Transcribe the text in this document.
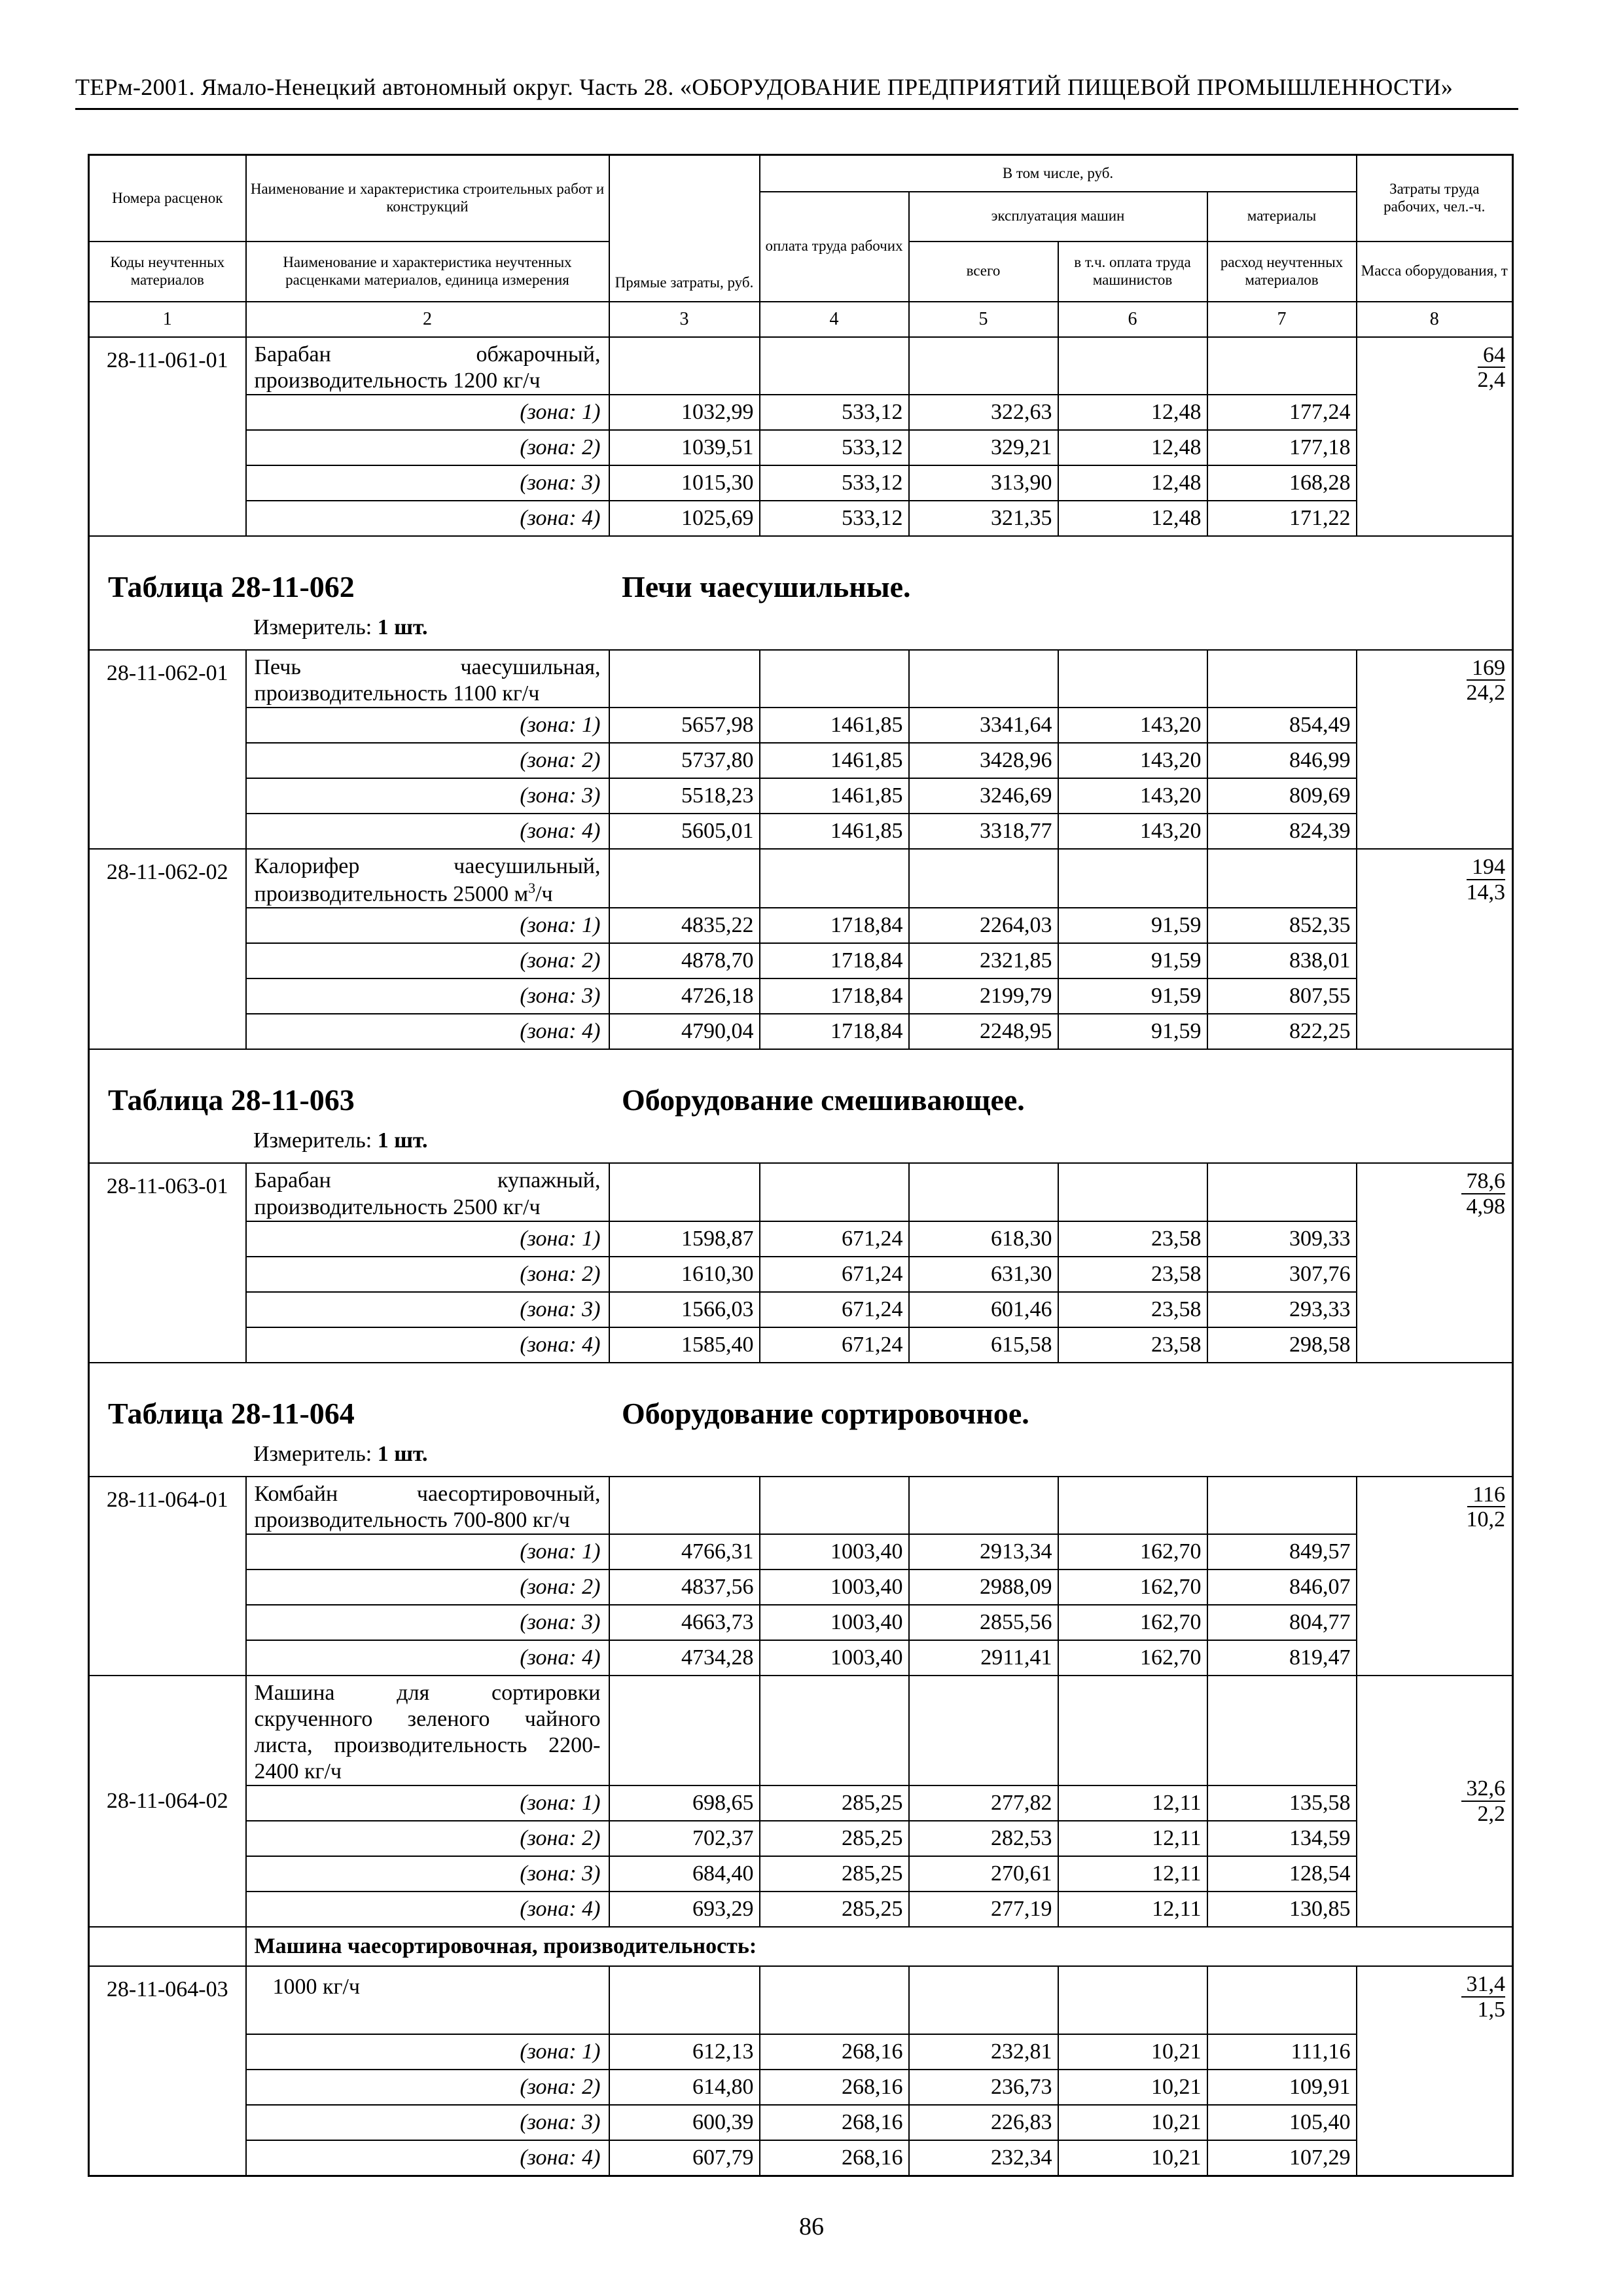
ТЕРм-2001. Ямало-Ненецкий автономный округ. Часть 28. «ОБОРУДОВАНИЕ ПРЕДПРИЯТИЙ ПИЩЕВОЙ ПРОМЫШЛЕННОСТИ»
Номера расценок	Наименование и характеристика строительных работ и конструкций	Прямые затраты, руб.	В том числе, руб.				Затраты труда рабочих, чел.-ч.
			оплата труда рабочих	эксплуатация машин		материалы	
Коды неучтенных материалов	Наименование и характеристика неучтенных расценками материалов, единица измерения			всего	в т.ч. оплата труда машинистов	расход неучтенных материалов	Масса оборудования, т
1	2	3	4	5	6	7	8
28-11-061-01	Барабан обжарочный, производительность 1200 кг/ч						64
2,4

	(зона: 1)	1032,99	533,12	322,63	12,48	177,24	
	(зона: 2)	1039,51	533,12	329,21	12,48	177,18	
	(зона: 3)	1015,30	533,12	313,90	12,48	168,28	
	(зона: 4)	1025,69	533,12	321,35	12,48	171,22	

Таблица 28-11-062 Печи чаесушильные.
Измеритель: 1 шт.							

28-11-062-01	Печь чаесушильная, производительность 1100 кг/ч						169
24,2

	(зона: 1)	5657,98	1461,85	3341,64	143,20	854,49	
	(зона: 2)	5737,80	1461,85	3428,96	143,20	846,99	
	(зона: 3)	5518,23	1461,85	3246,69	143,20	809,69	
	(зона: 4)	5605,01	1461,85	3318,77	143,20	824,39	
28-11-062-02	Калорифер чаесушильный, производительность 25000 $м^3/ч$						194
14,3

	(зона: 1)	4835,22	1718,84	2264,03	91,59	852,35	
	(зона: 2)	4878,70	1718,84	2321,85	91,59	838,01	
	(зона: 3)	4726,18	1718,84	2199,79	91,59	807,55	
	(зона: 4)	4790,04	1718,84	2248,95	91,59	822,25	

Таблица 28-11-063 Оборудование смешивающее.
Измеритель: 1 шт.							

28-11-063-01	Барабан купажный, производительность 2500 кг/ч						78,6
4,98

	(зона: 1)	1598,87	671,24	618,30	23,58	309,33	
	(зона: 2)	1610,30	671,24	631,30	23,58	307,76	
	(зона: 3)	1566,03	671,24	601,46	23,58	293,33	
	(зона: 4)	1585,40	671,24	615,58	23,58	298,58	

Таблица 28-11-064 Оборудование сортировочное.
Измеритель: 1 шт.							

28-11-064-01	Комбайн чаесортировочный, производительность 700-800 кг/ч						116
10,2

	(зона: 1)	4766,31	1003,40	2913,34	162,70	849,57	
	(зона: 2)	4837,56	1003,40	2988,09	162,70	846,07	
	(зона: 3)	4663,73	1003,40	2855,56	162,70	804,77	
	(зона: 4)	4734,28	1003,40	2911,41	162,70	819,47	
28-11-064-02	Машина для сортировки скрученного зеленого чайного листа, производительность 2200-2400 кг/ч						32,6
2,2

	(зона: 1)	698,65	285,25	277,82	12,11	135,58	
	(зона: 2)	702,37	285,25	282,53	12,11	134,59	
	(зона: 3)	684,40	285,25	270,61	12,11	128,54	
	(зона: 4)	693,29	285,25	277,19	12,11	130,85	
	Машина чаесортировочная, производительность:						
28-11-064-03	1000 кг/ч						31,4
1,5

	(зона: 1)	612,13	268,16	232,81	10,21	111,16	
	(зона: 2)	614,80	268,16	236,73	10,21	109,91	
	(зона: 3)	600,39	268,16	226,83	10,21	105,40	
	(зона: 4)	607,79	268,16	232,34	10,21	107,29	
86
